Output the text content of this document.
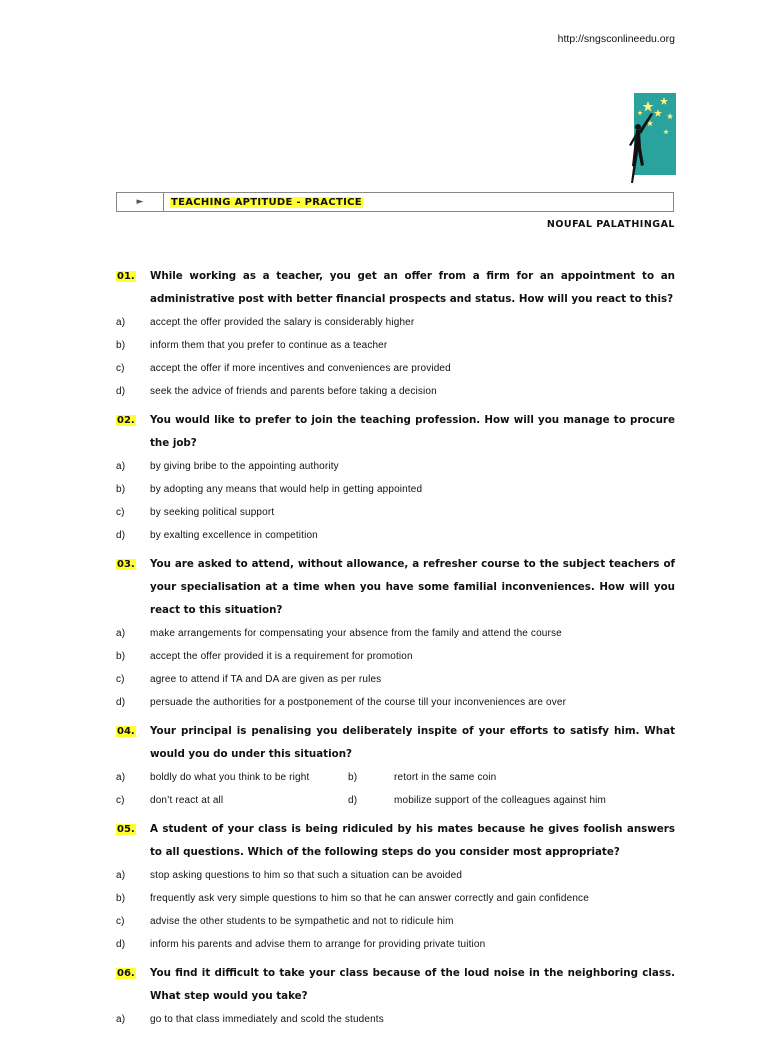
http://sngsconlineedu.org
►	TEACHING APTITUDE - PRACTICE
NOUFAL PALATHINGAL
01.	While working as a teacher, you get an offer from a firm for an appointment to an administrative post with better financial prospects and status. How will you react to this?
a)	accept the offer provided the salary is considerably higher
b)	inform them that you prefer to continue as a teacher
c)	accept the offer if more incentives and conveniences are provided
d)	seek the advice of friends and parents before taking a decision
02.	You would like to prefer to join the teaching profession. How will you manage to procure the job?
a)	by giving bribe to the appointing authority
b)	by adopting any means that would help in getting appointed
c)	by seeking political support
d)	by exalting excellence in competition
03.	You are asked to attend, without allowance, a refresher course to the subject teachers of your specialisation at a time when you have some familial inconveniences. How will you react to this situation?
a)	make arrangements for compensating your absence from the family and attend the course
b)	accept the offer provided it is a requirement for promotion
c)	agree to attend if TA and DA are given as per rules
d)	persuade the authorities for a postponement of the course till your inconveniences are over
04.	Your principal is penalising you deliberately inspite of your efforts to satisfy him. What would you do under this situation?
a)	boldly do what you think to be right	b)	retort in the same coin
c)	don’t react at all	d)	mobilize support of the colleagues against him
05.	A student of your class is being ridiculed by his mates because he gives foolish answers to all questions. Which of the following steps do you consider most appropriate?
a)	stop asking questions to him so that such a situation can be avoided
b)	frequently ask very simple questions to him so that he can answer correctly and gain confidence
c)	advise the other students to be sympathetic and not to ridicule him
d)	inform his parents and advise them to arrange for providing private tuition
06.	You find it difficult to take your class because of the loud noise in the neighboring class. What step would you take?
a)	go to that class immediately and scold the students
